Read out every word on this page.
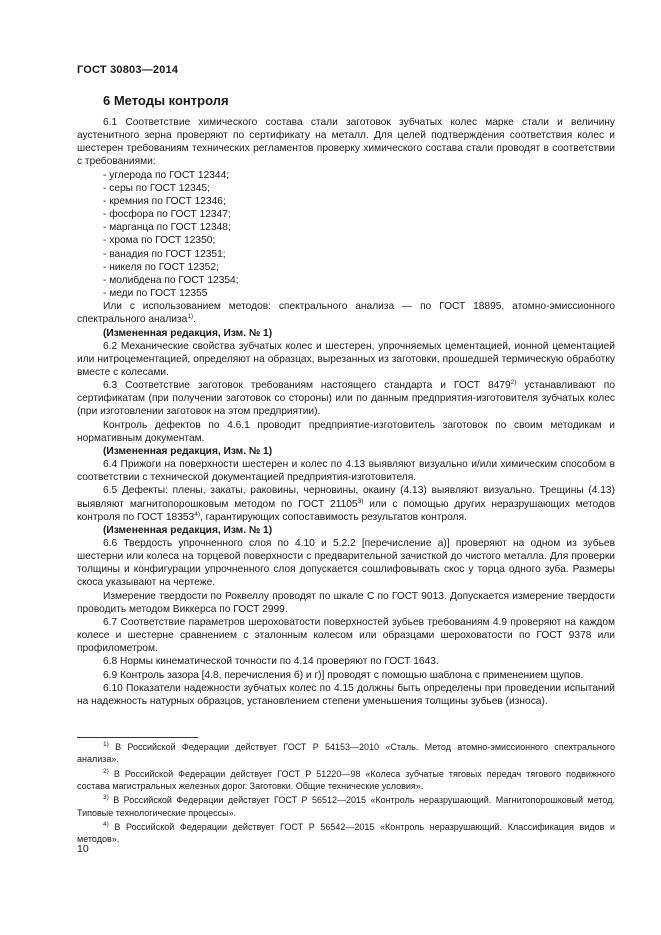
ГОСТ 30803—2014
6 Методы контроля

6.1 Соответствие химического состава стали заготовок зубчатых колес марке стали и величину аустенитного зерна проверяют по сертификату на металл. Для целей подтверждения соответствия колес и шестерен требованиям технических регламентов проверку химического состава стали проводят в соответствии с требованиями:

- углерода по ГОСТ 12344;

- серы по ГОСТ 12345;

- кремния по ГОСТ 12346;

- фосфора по ГОСТ 12347;

- марганца по ГОСТ 12348;

- хрома по ГОСТ 12350;

- ванадия по ГОСТ 12351;

- никеля по ГОСТ 12352;

- молибдена по ГОСТ 12354;

- меди по ГОСТ 12355

Или с использованием методов: спектрального анализа — по ГОСТ 18895, атомно-эмиссионного спектрального анализа$^{1)}$.

(Измененная редакция, Изм. № 1)

6.2 Механические свойства зубчатых колес и шестерен, упрочняемых цементацией, ионной цементацией или нитроцементацией, определяют на образцах, вырезанных из заготовки, прошедшей термическую обработку вместе с колесами.

6.3 Соответствие заготовок требованиям настоящего стандарта и ГОСТ 8479$^{2)}$ устанавливают по сертификатам (при получении заготовок со стороны) или по данным предприятия-изготовителя зубчатых колес (при изготовлении заготовок на этом предприятии).

Контроль дефектов по 4.6.1 проводит предприятие-изготовитель заготовок по своим методикам и нормативным документам.

(Измененная редакция, Изм. № 1)

6.4 Прижоги на поверхности шестерен и колес по 4.13 выявляют визуально и/или химическим способом в соответствии с технической документацией предприятия-изготовителя.

6.5 Дефекты: плены, закаты, раковины, черновины, окаину (4.13) выявляют визуально. Трещины (4.13) выявляют магнитопорошковым методом по ГОСТ 21105$^{3)}$ или с помощью других неразрушающих методов контроля по ГОСТ 18353$^{4)}$, гарантирующих сопоставимость результатов контроля.

(Измененная редакция, Изм. № 1)

6.6 Твердость упрочненного слоя по 4.10 и 5.2.2 [перечисление а)] проверяют на одном из зубьев шестерни или колеса на торцевой поверхности с предварительной зачисткой до чистого металла. Для проверки толщины и конфигурации упрочненного слоя допускается сошлифовывать скос у торца одного зуба. Размеры скоса указывают на чертеже.

Измерение твердости по Роквеллу проводят по шкале С по ГОСТ 9013. Допускается измерение твердости проводить методом Виккерса по ГОСТ 2999.

6.7 Соответствие параметров шероховатости поверхностей зубьев требованиям 4.9 проверяют на каждом колесе и шестерне сравнением с эталонным колесом или образцами шероховатости по ГОСТ 9378 или профилометром.

6.8 Нормы кинематической точности по 4.14 проверяют по ГОСТ 1643.

6.9 Контроль зазора [4.8, перечисления б) и г)] проводят с помощью шаблона с применением щупов.

6.10 Показатели надежности зубчатых колес по 4.15 должны быть определены при проведении испытаний на надежность натурных образцов, установлением степени уменьшения толщины зубьев (износа).

$^{1)}$ В Российской Федерации действует ГОСТ Р 54153—2010 «Сталь. Метод атомно-эмиссионного спектрального анализа».

$^{2)}$ В Российской Федерации действует ГОСТ Р 51220—98 «Колеса зубчатые тяговых передач тягового подвижного состава магистральных железных дорог. Заготовки. Общие технические условия».

$^{3)}$ В Российской Федерации действует ГОСТ Р 56512—2015 «Контроль неразрушающий. Магнитопорошковый метод. Типовые технологические процессы».

$^{4)}$ В Российской Федерации действует ГОСТ Р 56542—2015 «Контроль неразрушающий. Классификация видов и методов».

10
